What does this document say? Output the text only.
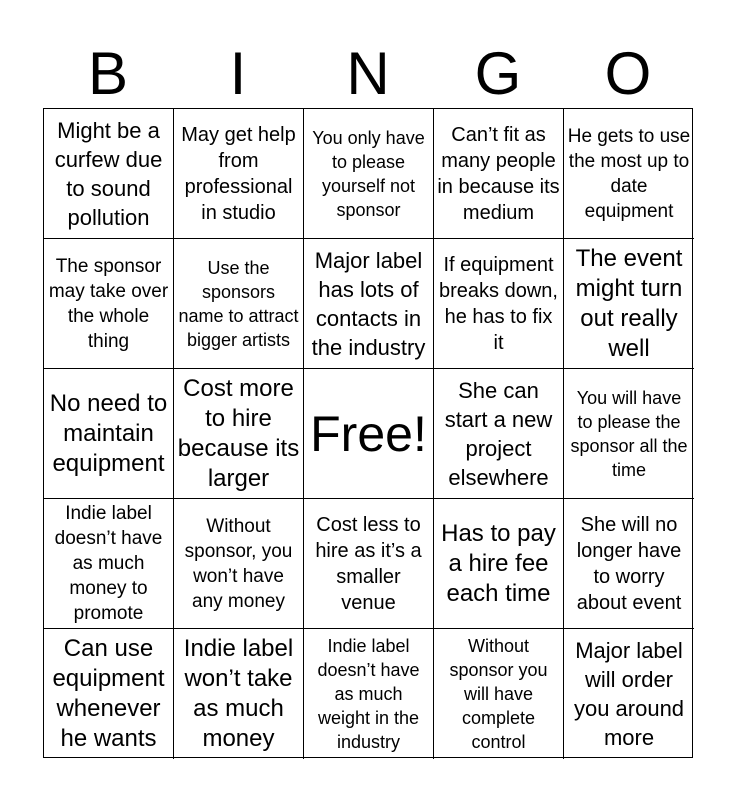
B	I	N	G	O
Might be a curfew due to sound pollution
May get help from professional in studio
You only have to please yourself not sponsor
Can’t fit as many people in because its medium
He gets to use the most up to date equipment
The sponsor may take over the whole thing
Use the sponsors name to attract bigger artists
Major label has lots of contacts in the industry
If equipment breaks down, he has to fix it
The event might turn out really well
No need to maintain equipment
Cost more to hire because its larger
Free!
She can start a new project elsewhere
You will have to please the sponsor all the time
Indie label doesn’t have as much money to promote
Without sponsor, you won’t have any money
Cost less to hire as it’s a smaller venue
Has to pay a hire fee each time
She will no longer have to worry about event
Can use equipment whenever he wants
Indie label won’t take as much money
Indie label doesn’t have as much weight in the industry
Without sponsor you will have complete control
Major label will order you around more
